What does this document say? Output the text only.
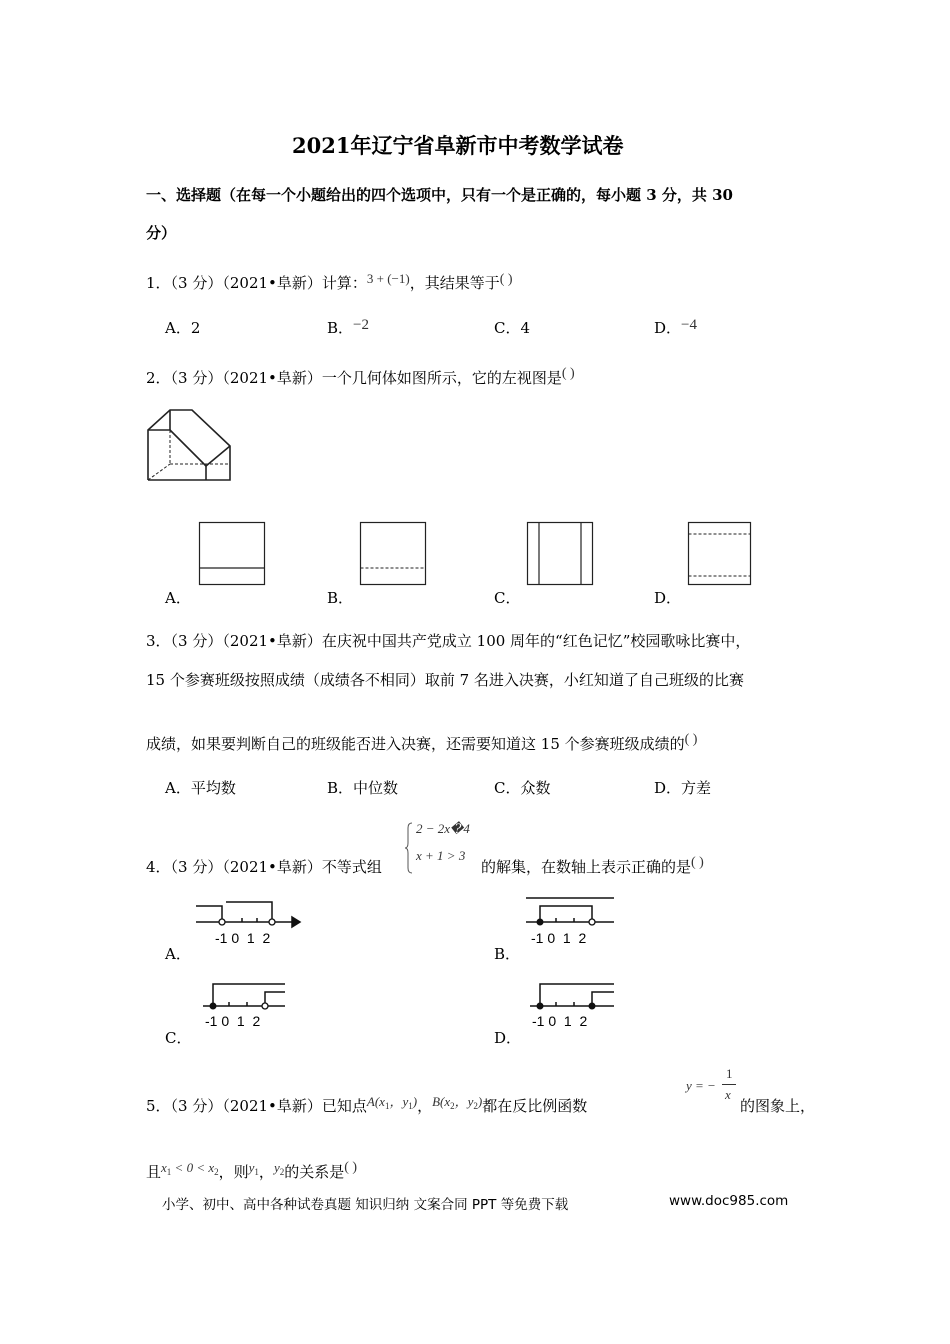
2021年辽宁省阜新市中考数学试卷
一、选择题（在每一个小题给出的四个选项中，只有一个是正确的，每小题 3 分，共 30
分）
1．（3 分）（2021•阜新）计算：3 + (−1)，其结果等于( )
A．2	B．−2	C．4	D．−4
2．（3 分）（2021•阜新）一个几何体如图所示，它的左视图是( )
A．	B．	C．	D．
3．（3 分）（2021•阜新）在庆祝中国共产党成立 100 周年的“红色记忆”校园歌咏比赛中，
15 个参赛班级按照成绩（成绩各不相同）取前 7 名进入决赛，小红知道了自己班级的比赛
成绩，如果要判断自己的班级能否进入决赛，还需要知道这 15 个参赛班级成绩的( )
A．平均数	B．中位数	C．众数	D．方差
4．（3 分）（2021•阜新）不等式组
2 − 2x�4
x + 1 > 3
的解集，在数轴上表示正确的是( )
-1 0 1 2
A．
-1 0 1 2
B．
-1 0 1 2
C．
-1 0 1 2
D．
5．（3 分）（2021•阜新）已知点$A(x_1$，$y_1$)，$B(x_2$，$y_2$)都在反比例函数
y = −
1
x
的图象上，
且$x_1 < 0 < x_2$，则$y_1$，$y_2$的关系是( )
小学、初中、高中各种试卷真题 知识归纳 文案合同 PPT 等免费下载	www.doc985.com
